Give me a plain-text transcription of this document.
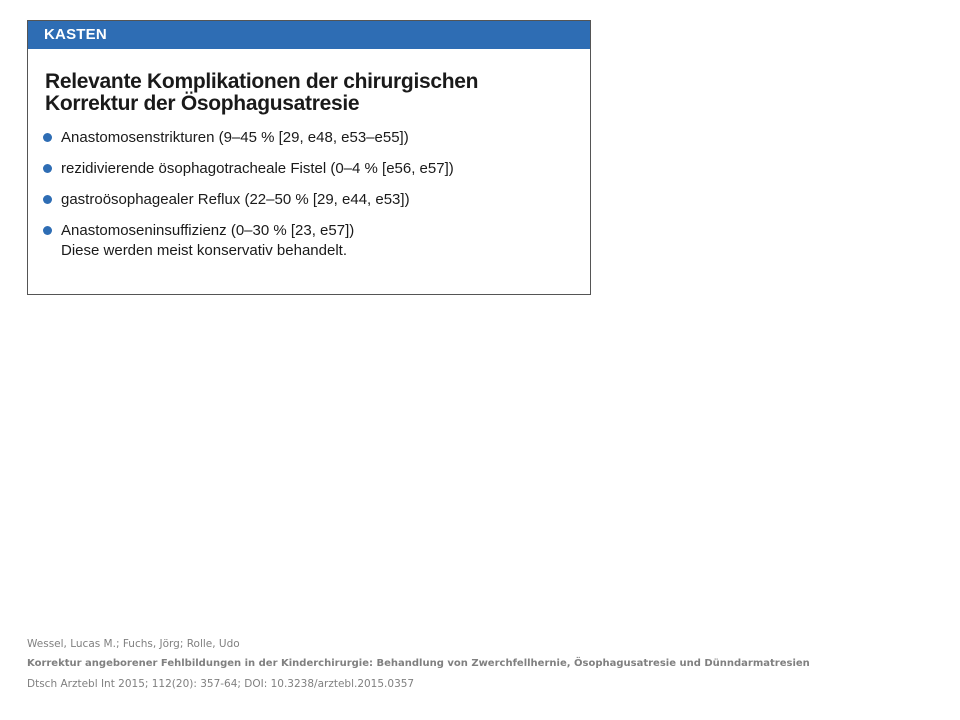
KASTEN
Relevante Komplikationen der chirurgischen
Korrektur der Ösophagusatresie
Anastomosenstrikturen (9–45 % [29, e48, e53–e55])
rezidivierende ösophagotracheale Fistel (0–4 % [e56, e57])
gastroösophagealer Reflux (22–50 % [29, e44, e53])
Anastomoseninsuffizienz (0–30 % [23, e57])
Diese werden meist konservativ behandelt.
Wessel, Lucas M.; Fuchs, Jörg; Rolle, Udo
Korrektur angeborener Fehlbildungen in der Kinderchirurgie: Behandlung von Zwerchfellhernie, Ösophagusatresie und Dünndarmatresien
Dtsch Arztebl Int 2015; 112(20): 357-64; DOI: 10.3238/arztebl.2015.0357
